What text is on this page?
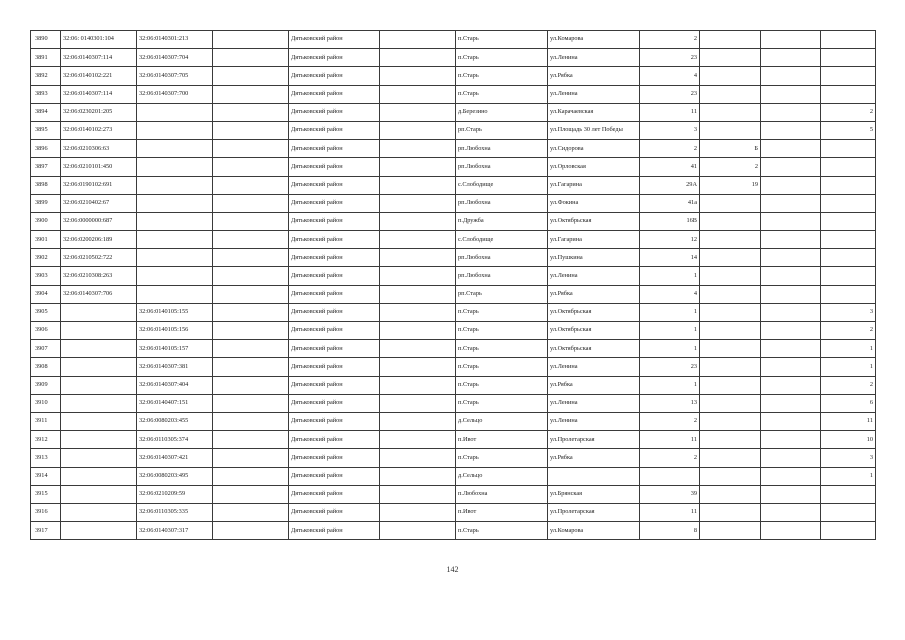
3890	32:06: 0140301:104	32:06:0140301:213		Дятьковский район		п.Старь	ул.Комарова	2			
3891	32:06:0140307:114	32:06:0140307:704		Дятьковский район		п.Старь	ул.Ленина	23			
3892	32:06:0140102:221	32:06:0140307:705		Дятьковский район		п.Старь	ул.Рябка	4			
3893	32:06:0140307:114	32:06:0140307:700		Дятьковский район		п.Старь	ул.Ленина	23			
3894	32:06:0230201:205			Дятьковский район		д.Березино	ул.Карачаевская	11			2
3895	32:06:0140102:273			Дятьковский район		рп.Старь	ул.Площадь 30 лет Победы	3			5
3896	32:06:0210306:63			Дятьковский район		рп.Любохна	ул.Сидорова	2	Б		
3897	32:06:0210101:450			Дятьковский район		рп.Любохна	ул.Орловская	41	2		
3898	32:06:0190102:691			Дятьковский район		с.Слободище	ул.Гагарина	29А	19		
3899	32:06:0210402:67			Дятьковский район		рп.Любохна	ул.Фокина	41а			
3900	32:06:0000000:687			Дятьковский район		п.Дружба	ул.Октябрьская	16В			
3901	32:06:0200206:189			Дятьковский район		с.Слободище	ул.Гагарина	12			
3902	32:06:0210502:722			Дятьковский район		рп.Любохна	ул.Пушкина	14			
3903	32:06:0210308:263			Дятьковский район		рп.Любохна	ул.Ленина	1			
3904	32:06:0140307:706			Дятьковский район		рп.Старь	ул.Рябка	4			
3905		32:06:0140105:155		Дятьковский район		п.Старь	ул.Октябрьская	1			3
3906		32:06:0140105:156		Дятьковский район		п.Старь	ул.Октябрьская	1			2
3907		32:06:0140105:157		Дятьковский район		п.Старь	ул.Октябрьская	1			1
3908		32:06:0140307:381		Дятьковский район		п.Старь	ул.Ленина	23			1
3909		32:06:0140307:404		Дятьковский район		п.Старь	ул.Рябка	1			2
3910		32:06:0140407:151		Дятьковский район		п.Старь	ул.Ленина	13			6
3911		32:06:0080203:455		Дятьковский район		д.Сельцо	ул.Ленина	2			11
3912		32:06:0110305:374		Дятьковский район		п.Ивот	ул.Пролетарская	11			10
3913		32:06:0140307:421		Дятьковский район		п.Старь	ул.Рябка	2			3
3914		32:06:0080203:495		Дятьковский район		д.Сельцо					1
3915		32:06:0210209:59		Дятьковский район		п.Любохна	ул.Брянская	39			
3916		32:06:0110305:335		Дятьковский район		п.Ивот	ул.Пролетарская	11			
3917		32:06:0140307:317		Дятьковский район		п.Старь	ул.Комарова	8			
142
